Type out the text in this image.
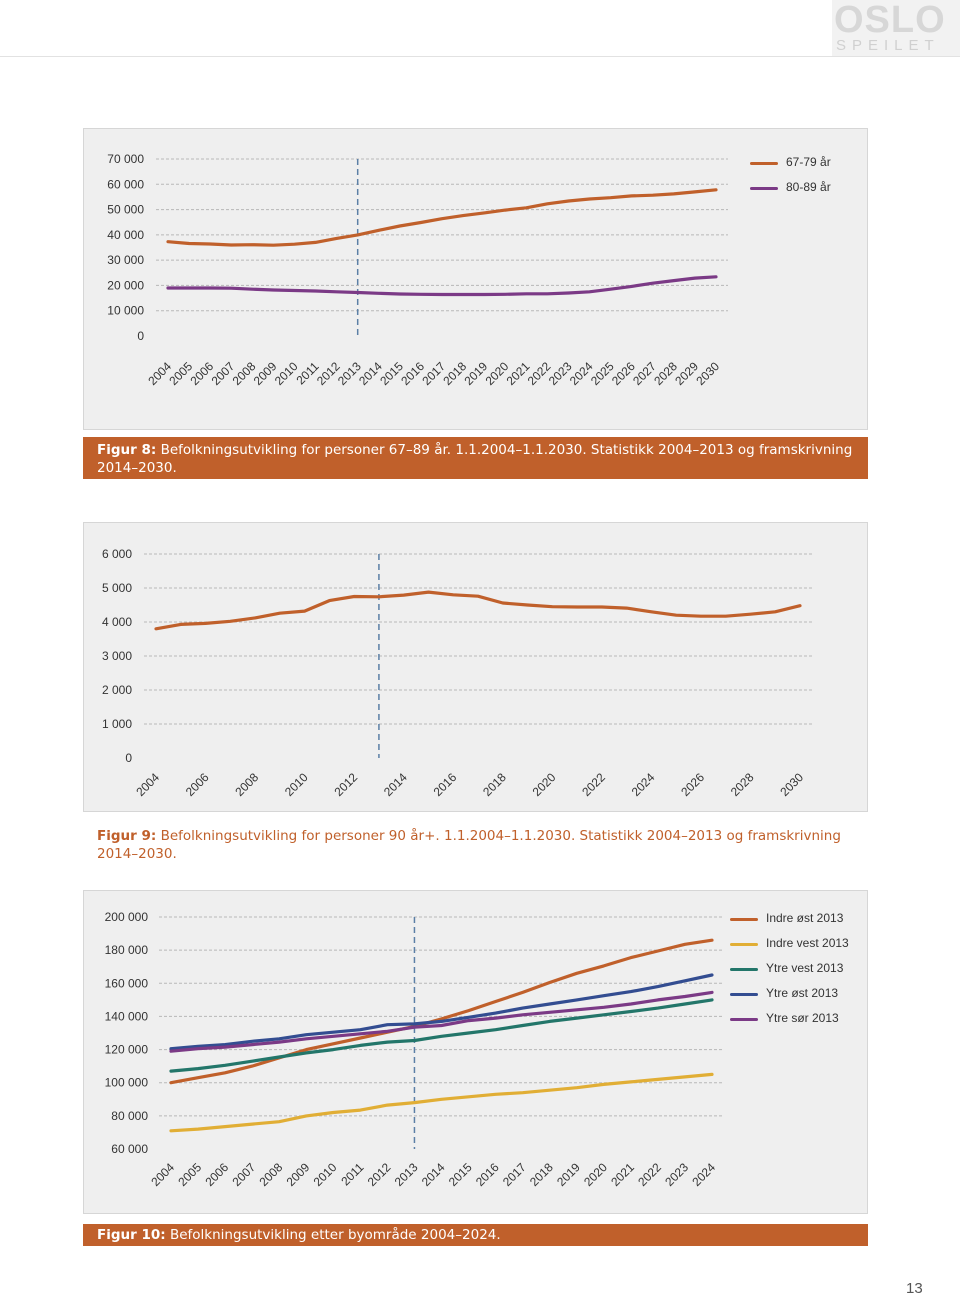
OSLO
SPEILET
0
10 000
20 000
30 000
40 000
50 000
60 000
70 000
2004
2005
2006
2007
2008
2009
2010
2011
2012
2013
2014
2015
2016
2017
2018
2019
2020
2021
2022
2023
2024
2025
2026
2027
2028
2029
2030
67-79 år
80-89 år
Figur 8: Befolkningsutvikling for personer 67–89 år. 1.1.2004–1.1.2030. Statistikk 2004–2013 og framskrivning 2014–2030.
0
1 000
2 000
3 000
4 000
5 000
6 000
2004 2006 2008 2010 2012 2014 2016 2018 2020 2022 2024 2026 2028 2030
Figur 9: Befolkningsutvikling for personer 90 år+. 1.1.2004–1.1.2030. Statistikk 2004–2013 og framskrivning 2014–2030.
60 000
80 000
100 000
120 000
140 000
160 000
180 000
200 000
2004
2005
2006
2007
2008
2009
2010
2011
2012
2013
2014
2015
2016
2017
2018
2019
2020
2021
2022
2023
2024
Indre øst 2013
Indre vest 2013
Ytre vest 2013
Ytre øst 2013
Ytre sør 2013
Figur 10: Befolkningsutvikling etter byområde 2004–2024.
13
